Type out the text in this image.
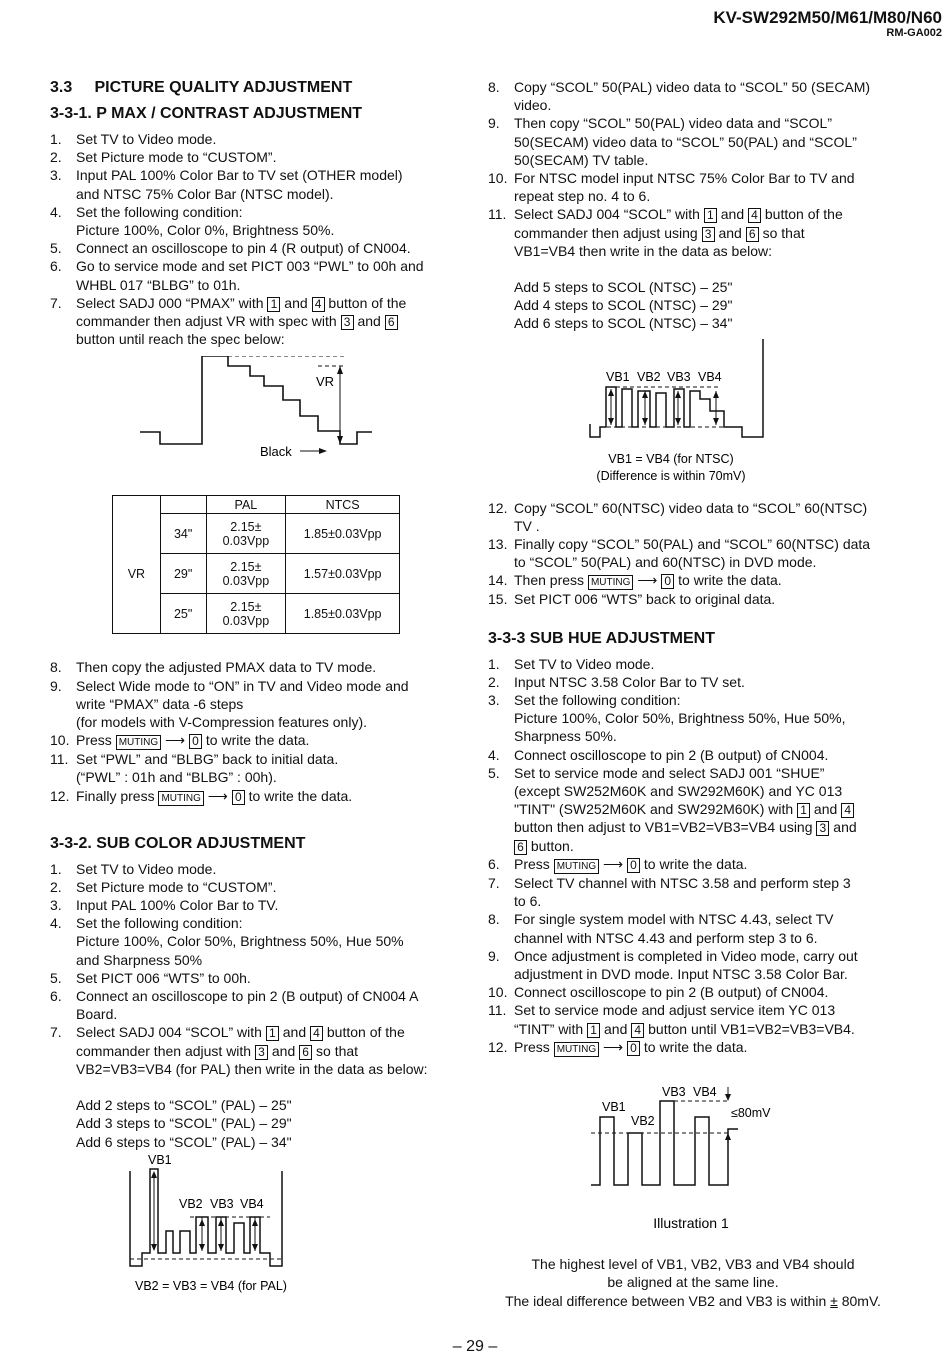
KV-SW292M50/M61/M80/N60
RM-GA002
3.3     PICTURE QUALITY ADJUSTMENT
3-3-1. P MAX / CONTRAST ADJUSTMENT
1. Set TV to Video mode.
2. Set Picture mode to “CUSTOM”.
3. Input PAL 100% Color Bar to TV set (OTHER model)
and NTSC 75% Color Bar (NTSC model).
4. Set the following condition:
Picture 100%, Color 0%, Brightness 50%.
5. Connect an oscilloscope to pin 4 (R output) of CN004.
6. Go to service mode and set PICT 003 “PWL” to 00h and
WHBL 017 “BLBG” to 01h.
7. Select SADJ 000 “PMAX” with 1 and 4 button of the
commander then adjust VR with spec with 3 and 6
button until reach the spec below:
VR
Black
		PAL	NTCS
VR	34"	2.15±
0.03Vpp	1.85±0.03Vpp
	29"	2.15±
0.03Vpp	1.57±0.03Vpp
	25"	2.15±
0.03Vpp	1.85±0.03Vpp
8. Then copy the adjusted PMAX data to TV mode.
9. Select Wide mode to “ON” in TV and Video mode and
write “PMAX” data -6 steps
(for models with V-Compression features only).
10. Press MUTING ⟶ 0 to write the data.
11. Set “PWL” and “BLBG” back to initial data.
(“PWL” : 01h and “BLBG” : 00h).
12. Finally press MUTING ⟶ 0 to write the data.
3-3-2. SUB COLOR ADJUSTMENT
1. Set TV to Video mode.
2. Set Picture mode to “CUSTOM”.
3. Input PAL 100% Color Bar to TV.
4. Set the following condition:
Picture 100%, Color 50%, Brightness 50%, Hue 50%
and Sharpness 50%
5. Set PICT 006 “WTS” to 00h.
6. Connect an oscilloscope to pin 2 (B output) of CN004 A
Board.
7. Select SADJ 004 “SCOL” with 1 and 4 button of the
commander then adjust with 3 and 6 so that
VB2=VB3=VB4 (for PAL) then write in the data as below:
Add 2 steps to “SCOL” (PAL) – 25"
Add 3 steps to “SCOL” (PAL) – 29"
Add 6 steps to “SCOL” (PAL) – 34"
VB1
VB2 VB3 VB4
VB2 = VB3 = VB4 (for PAL)
8. Copy “SCOL” 50(PAL) video data to “SCOL” 50 (SECAM)
video.
9. Then copy “SCOL” 50(PAL) video data and “SCOL”
50(SECAM) video data to “SCOL” 50(PAL) and “SCOL”
50(SECAM) TV table.
10. For NTSC model input NTSC 75% Color Bar to TV and
repeat step no. 4 to 6.
11. Select SADJ 004 “SCOL” with 1 and 4 button of the
commander then adjust using 3 and 6 so that
VB1=VB4 then write in the data as below:
Add 5 steps to SCOL (NTSC) – 25"
Add 4 steps to SCOL (NTSC) – 29"
Add 6 steps to SCOL (NTSC) – 34"
VB1 VB2 VB3 VB4
VB1 = VB4 (for NTSC)
(Difference is within 70mV)
12. Copy “SCOL” 60(NTSC) video data to “SCOL” 60(NTSC)
TV .
13. Finally copy “SCOL” 50(PAL) and “SCOL” 60(NTSC) data
to “SCOL” 50(PAL) and 60(NTSC) in DVD mode.
14. Then press MUTING ⟶ 0 to write the data.
15. Set PICT 006 “WTS” back to original data.
3-3-3 SUB HUE ADJUSTMENT
1. Set TV to Video mode.
2. Input NTSC 3.58 Color Bar to TV set.
3. Set the following condition:
Picture 100%, Color 50%, Brightness 50%, Hue 50%,
Sharpness 50%.
4. Connect oscilloscope to pin 2 (B output) of CN004.
5. Set to service mode and select SADJ 001 “SHUE”
(except SW252M60K and SW292M60K) and YC 013
"TINT" (SW252M60K and SW292M60K) with 1 and 4
button then adjust to VB1=VB2=VB3=VB4 using 3 and
6 button.
6. Press MUTING ⟶ 0 to write the data.
7. Select TV channel with NTSC 3.58 and perform step 3
to 6.
8. For single system model with NTSC 4.43, select TV
channel with NTSC 4.43 and perform step 3 to 6.
9. Once adjustment is completed in Video mode, carry out
adjustment in DVD mode. Input NTSC 3.58 Color Bar.
10. Connect oscilloscope to pin 2 (B output) of CN004.
11. Set to service mode and adjust service item YC 013
“TINT” with 1 and 4 button until VB1=VB2=VB3=VB4.
12. Press MUTING ⟶ 0 to write the data.
VB1
VB2
VB3 VB4
≤80mV
Illustration 1
The highest level of VB1, VB2, VB3 and VB4 should
be aligned at the same line.
The ideal difference between VB2 and VB3 is within ± 80mV.
– 29 –
